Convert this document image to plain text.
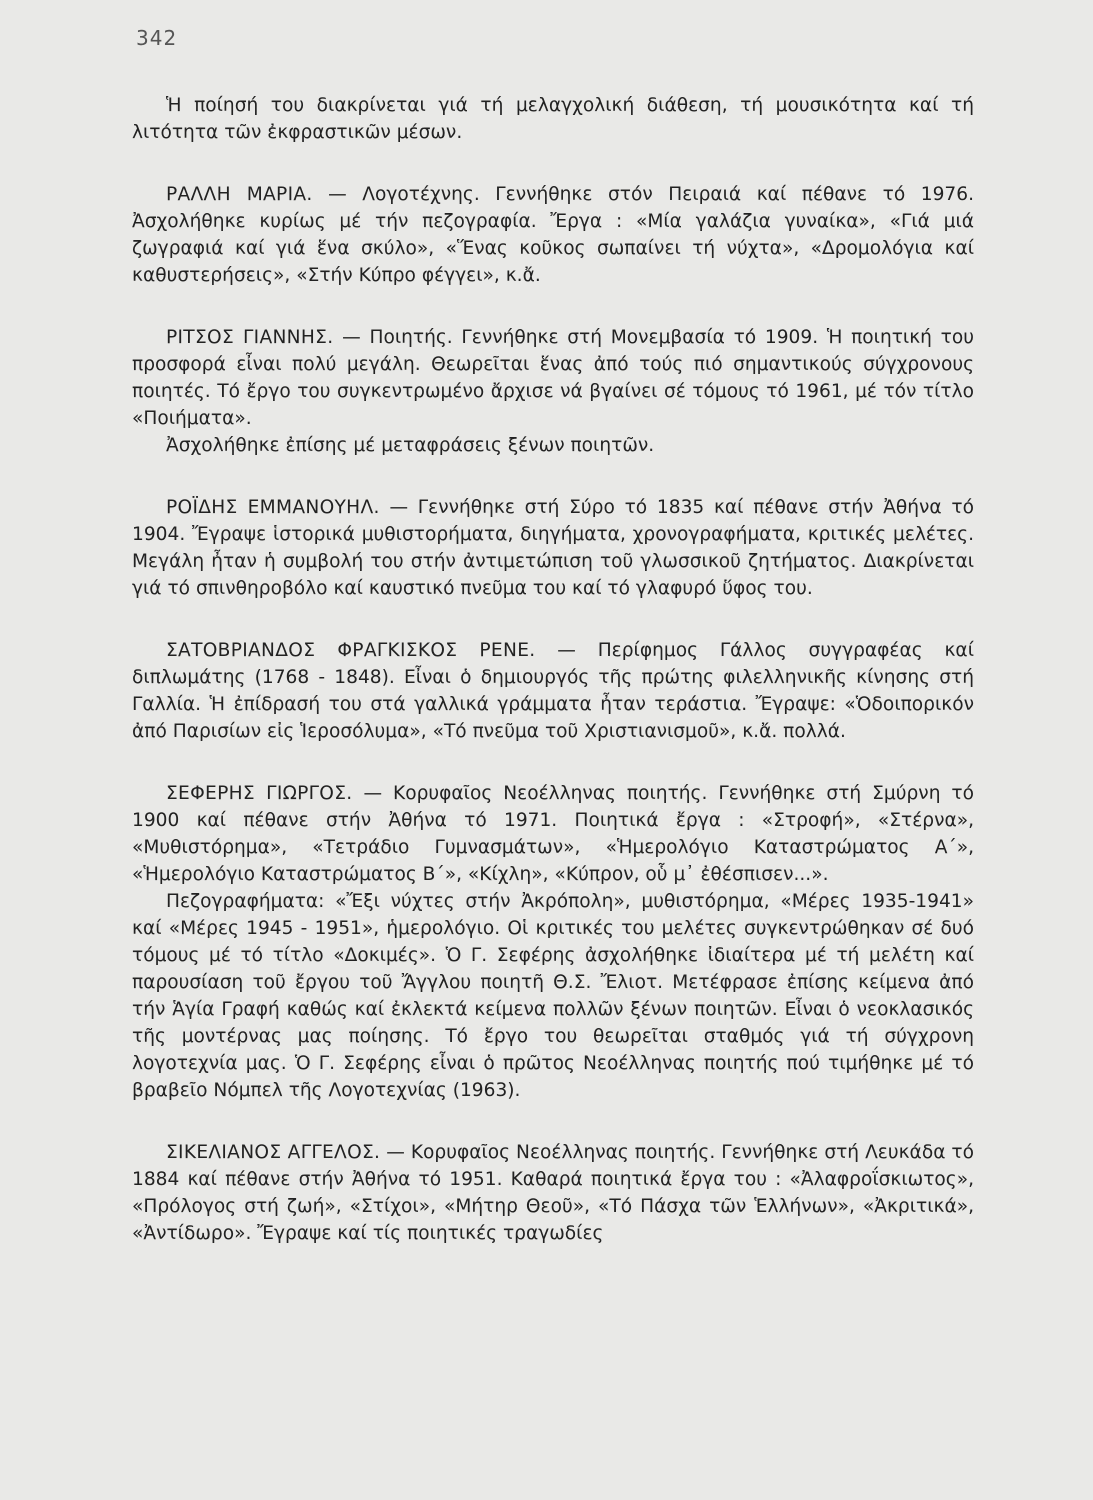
342

Ἡ ποίησή του διακρίνεται γιά τή μελαγχολική διάθεση, τή μουσικότητα καί τή λιτότητα τῶν ἐκφραστικῶν μέσων.

ΡΑΛΛΗ ΜΑΡΙΑ. — Λογοτέχνης. Γεννήθηκε στόν Πειραιά καί πέθανε τό 1976. Ἀσχολήθηκε κυρίως μέ τήν πεζογραφία. Ἔργα : «Μία γαλάζια γυναίκα», «Γιά μιά ζωγραφιά καί γιά ἕνα σκύλο», «Ἕνας κοῦκος σωπαίνει τή νύχτα», «Δρομολόγια καί καθυστερήσεις», «Στήν Κύπρο φέγγει», κ.ἄ.

ΡΙΤΣΟΣ ΓΙΑΝΝΗΣ. — Ποιητής. Γεννήθηκε στή Μονεμβασία τό 1909. Ἡ ποιητική του προσφορά εἶναι πολύ μεγάλη. Θεωρεῖται ἕνας ἀπό τούς πιό σημαντικούς σύγχρονους ποιητές. Τό ἔργο του συγκεντρωμένο ἄρχισε νά βγαίνει σέ τόμους τό 1961, μέ τόν τίτλο «Ποιήματα».

Ἀσχολήθηκε ἐπίσης μέ μεταφράσεις ξένων ποιητῶν.

ΡΟΪΔΗΣ ΕΜΜΑΝΟΥΗΛ. — Γεννήθηκε στή Σύρο τό 1835 καί πέθανε στήν Ἀθήνα τό 1904. Ἔγραψε ἱστορικά μυθιστορήματα, διηγήματα, χρονογραφήματα, κριτικές μελέτες. Μεγάλη ἦταν ἡ συμβολή του στήν ἀντιμετώπιση τοῦ γλωσσικοῦ ζητήματος. Διακρίνεται γιά τό σπινθηροβόλο καί καυστικό πνεῦμα του καί τό γλαφυρό ὕφος του.

ΣΑΤΟΒΡΙΑΝΔΟΣ ΦΡΑΓΚΙΣΚΟΣ ΡΕΝΕ. — Περίφημος Γάλλος συγγραφέας καί διπλωμάτης (1768 - 1848). Εἶναι ὁ δημιουργός τῆς πρώτης φιλελληνικῆς κίνησης στή Γαλλία. Ἡ ἐπίδρασή του στά γαλλικά γράμματα ἦταν τεράστια. Ἔγραψε: «Ὁδοιπορικόν ἀπό Παρισίων εἰς Ἱεροσόλυμα», «Τό πνεῦμα τοῦ Χριστιανισμοῦ», κ.ἄ. πολλά.

ΣΕΦΕΡΗΣ ΓΙΩΡΓΟΣ. — Κορυφαῖος Νεοέλληνας ποιητής. Γεννήθηκε στή Σμύρνη τό 1900 καί πέθανε στήν Ἀθήνα τό 1971. Ποιητικά ἔργα : «Στροφή», «Στέρνα», «Μυθιστόρημα», «Τετράδιο Γυμνασμάτων», «Ἡμερολόγιο Καταστρώματος Α΄», «Ἡμερολόγιο Καταστρώματος Β΄», «Κίχλη», «Κύπρον, οὗ μ᾽ ἐθέσπισεν...».

Πεζογραφήματα: «Ἔξι νύχτες στήν Ἀκρόπολη», μυθιστόρημα, «Μέρες 1935-1941» καί «Μέρες 1945 - 1951», ἡμερολόγιο. Οἱ κριτικές του μελέτες συγκεντρώθηκαν σέ δυό τόμους μέ τό τίτλο «Δοκιμές». Ὁ Γ. Σεφέρης ἀσχολήθηκε ἰδιαίτερα μέ τή μελέτη καί παρουσίαση τοῦ ἔργου τοῦ Ἄγγλου ποιητῆ Θ.Σ. Ἔλιοτ. Μετέφρασε ἐπίσης κείμενα ἀπό τήν Ἁγία Γραφή καθώς καί ἐκλεκτά κείμενα πολλῶν ξένων ποιητῶν. Εἶναι ὁ νεοκλασικός τῆς μοντέρνας μας ποίησης. Τό ἔργο του θεωρεῖται σταθμός γιά τή σύγχρονη λογοτεχνία μας. Ὁ Γ. Σεφέρης εἶναι ὁ πρῶτος Νεοέλληνας ποιητής πού τιμήθηκε μέ τό βραβεῖο Νόμπελ τῆς Λογοτεχνίας (1963).

ΣΙΚΕΛΙΑΝΟΣ ΑΓΓΕΛΟΣ. — Κορυφαῖος Νεοέλληνας ποιητής. Γεννήθηκε στή Λευκάδα τό 1884 καί πέθανε στήν Ἀθήνα τό 1951. Καθαρά ποιητικά ἔργα του : «Ἀλαφροΐσκιωτος», «Πρόλογος στή ζωή», «Στίχοι», «Μήτηρ Θεοῦ», «Τό Πάσχα τῶν Ἑλλήνων», «Ἀκριτικά», «Ἀντίδωρο». Ἔγραψε καί τίς ποιητικές τραγωδίες
